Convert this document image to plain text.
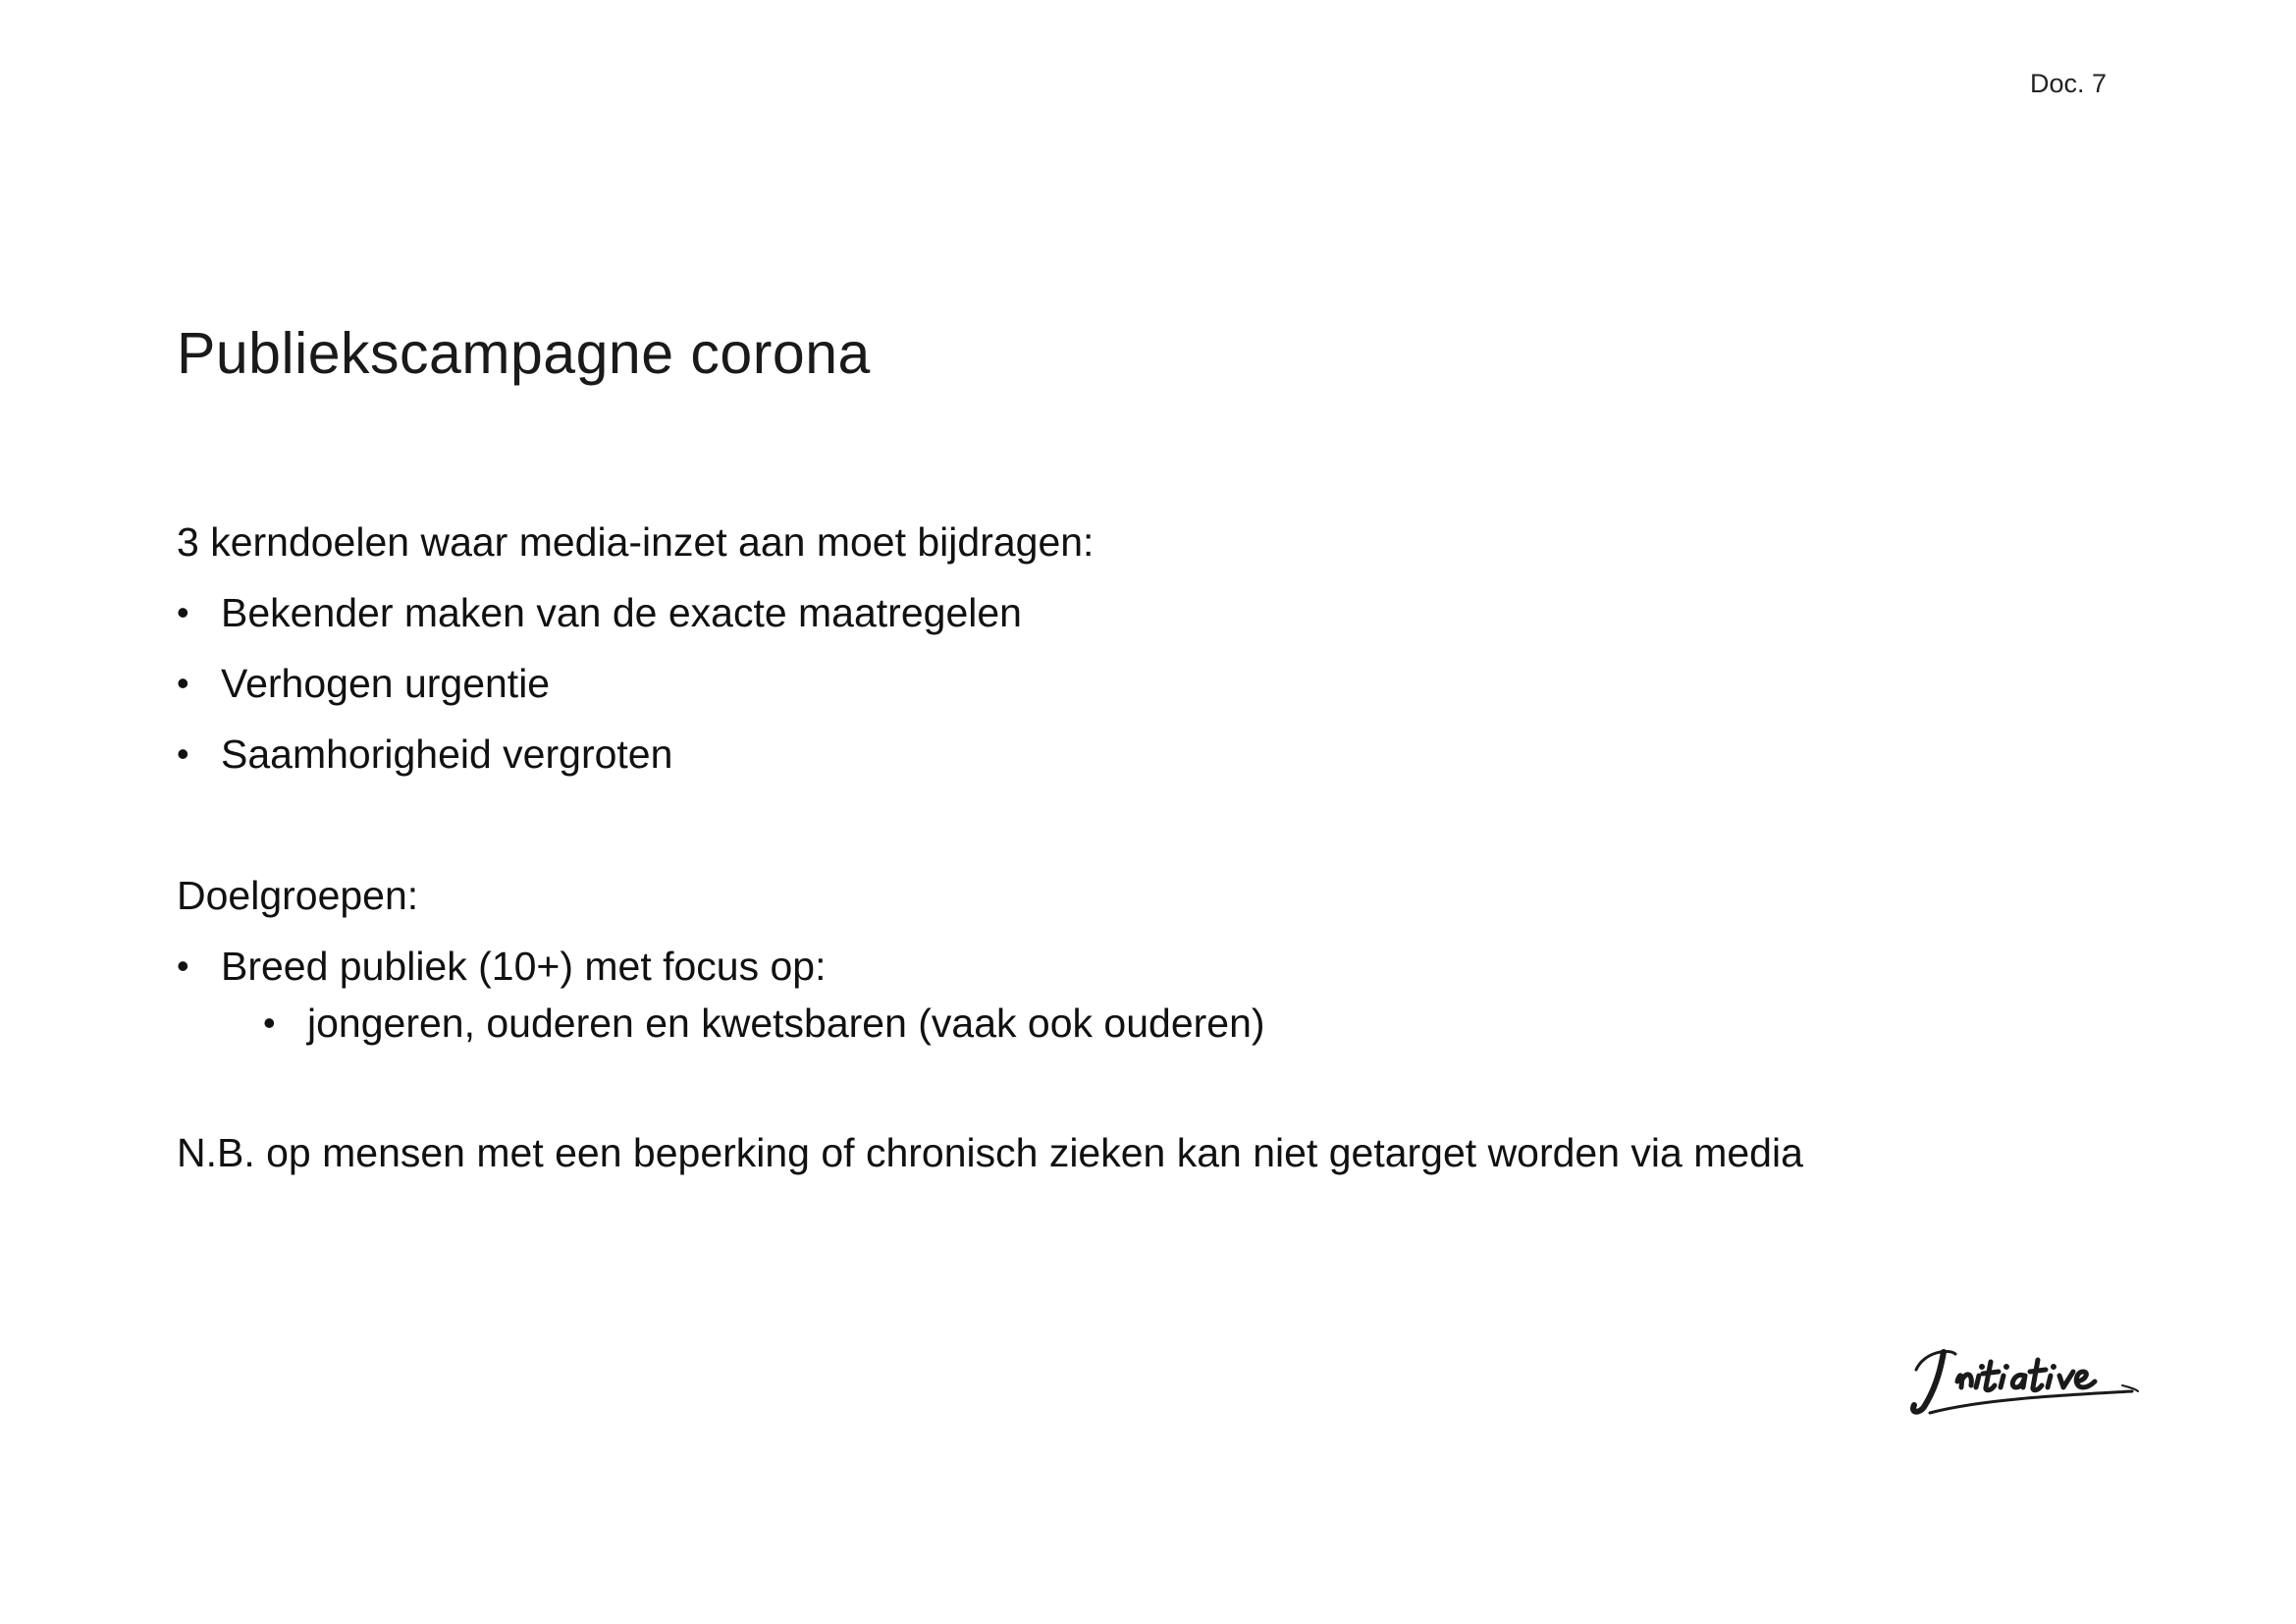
Doc. 7
Publiekscampagne corona
3 kerndoelen waar media-inzet aan moet bijdragen:
• Bekender maken van de exacte maatregelen
• Verhogen urgentie
• Saamhorigheid vergroten
Doelgroepen:
• Breed publiek (10+) met focus op:
• jongeren, ouderen en kwetsbaren (vaak ook ouderen)
N.B. op mensen met een beperking of chronisch zieken kan niet getarget worden via media
